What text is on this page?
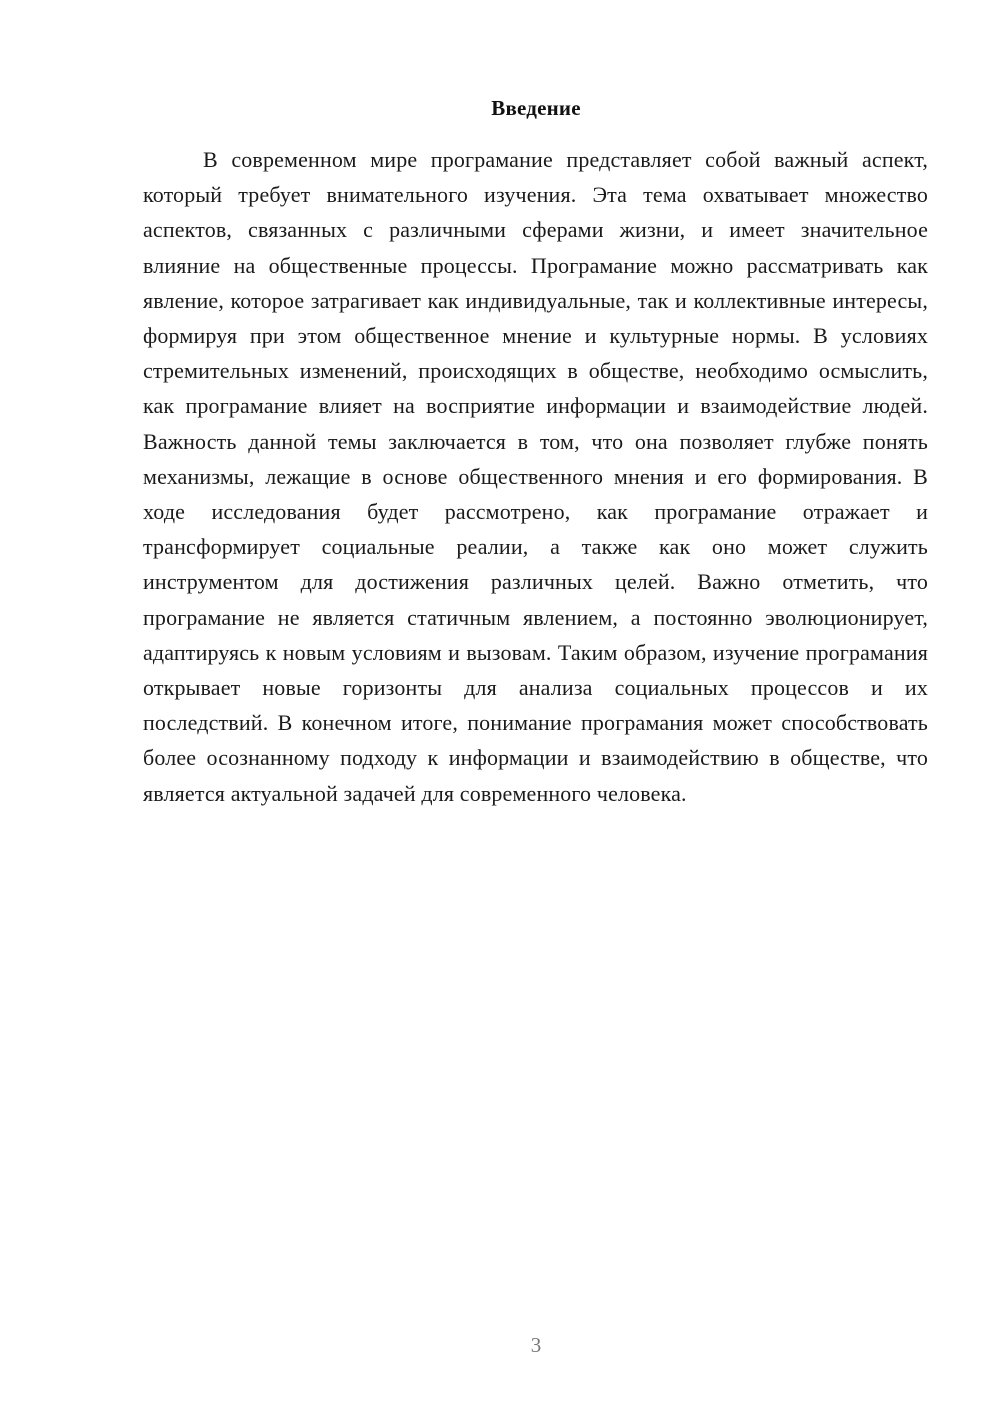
Введение

В современном мире програмание представляет собой важный аспект, который требует внимательного изучения. Эта тема охватывает множество аспектов, связанных с различными сферами жизни, и имеет значительное влияние на общественные процессы. Програмание можно рассматривать как явление, которое затрагивает как индивидуальные, так и коллективные интересы, формируя при этом общественное мнение и культурные нормы. В условиях стремительных изменений, происходящих в обществе, необходимо осмыслить, как програмание влияет на восприятие информации и взаимодействие людей. Важность данной темы заключается в том, что она позволяет глубже понять механизмы, лежащие в основе общественного мнения и его формирования. В ходе исследования будет рассмотрено, как програмание отражает и трансформирует социальные реалии, а также как оно может служить инструментом для достижения различных целей. Важно отметить, что програмание не является статичным явлением, а постоянно эволюционирует, адаптируясь к новым условиям и вызовам. Таким образом, изучение програмания открывает новые горизонты для анализа социальных процессов и их последствий. В конечном итоге, понимание програмания может способствовать более осознанному подходу к информации и взаимодействию в обществе, что является актуальной задачей для современного человека.

3
